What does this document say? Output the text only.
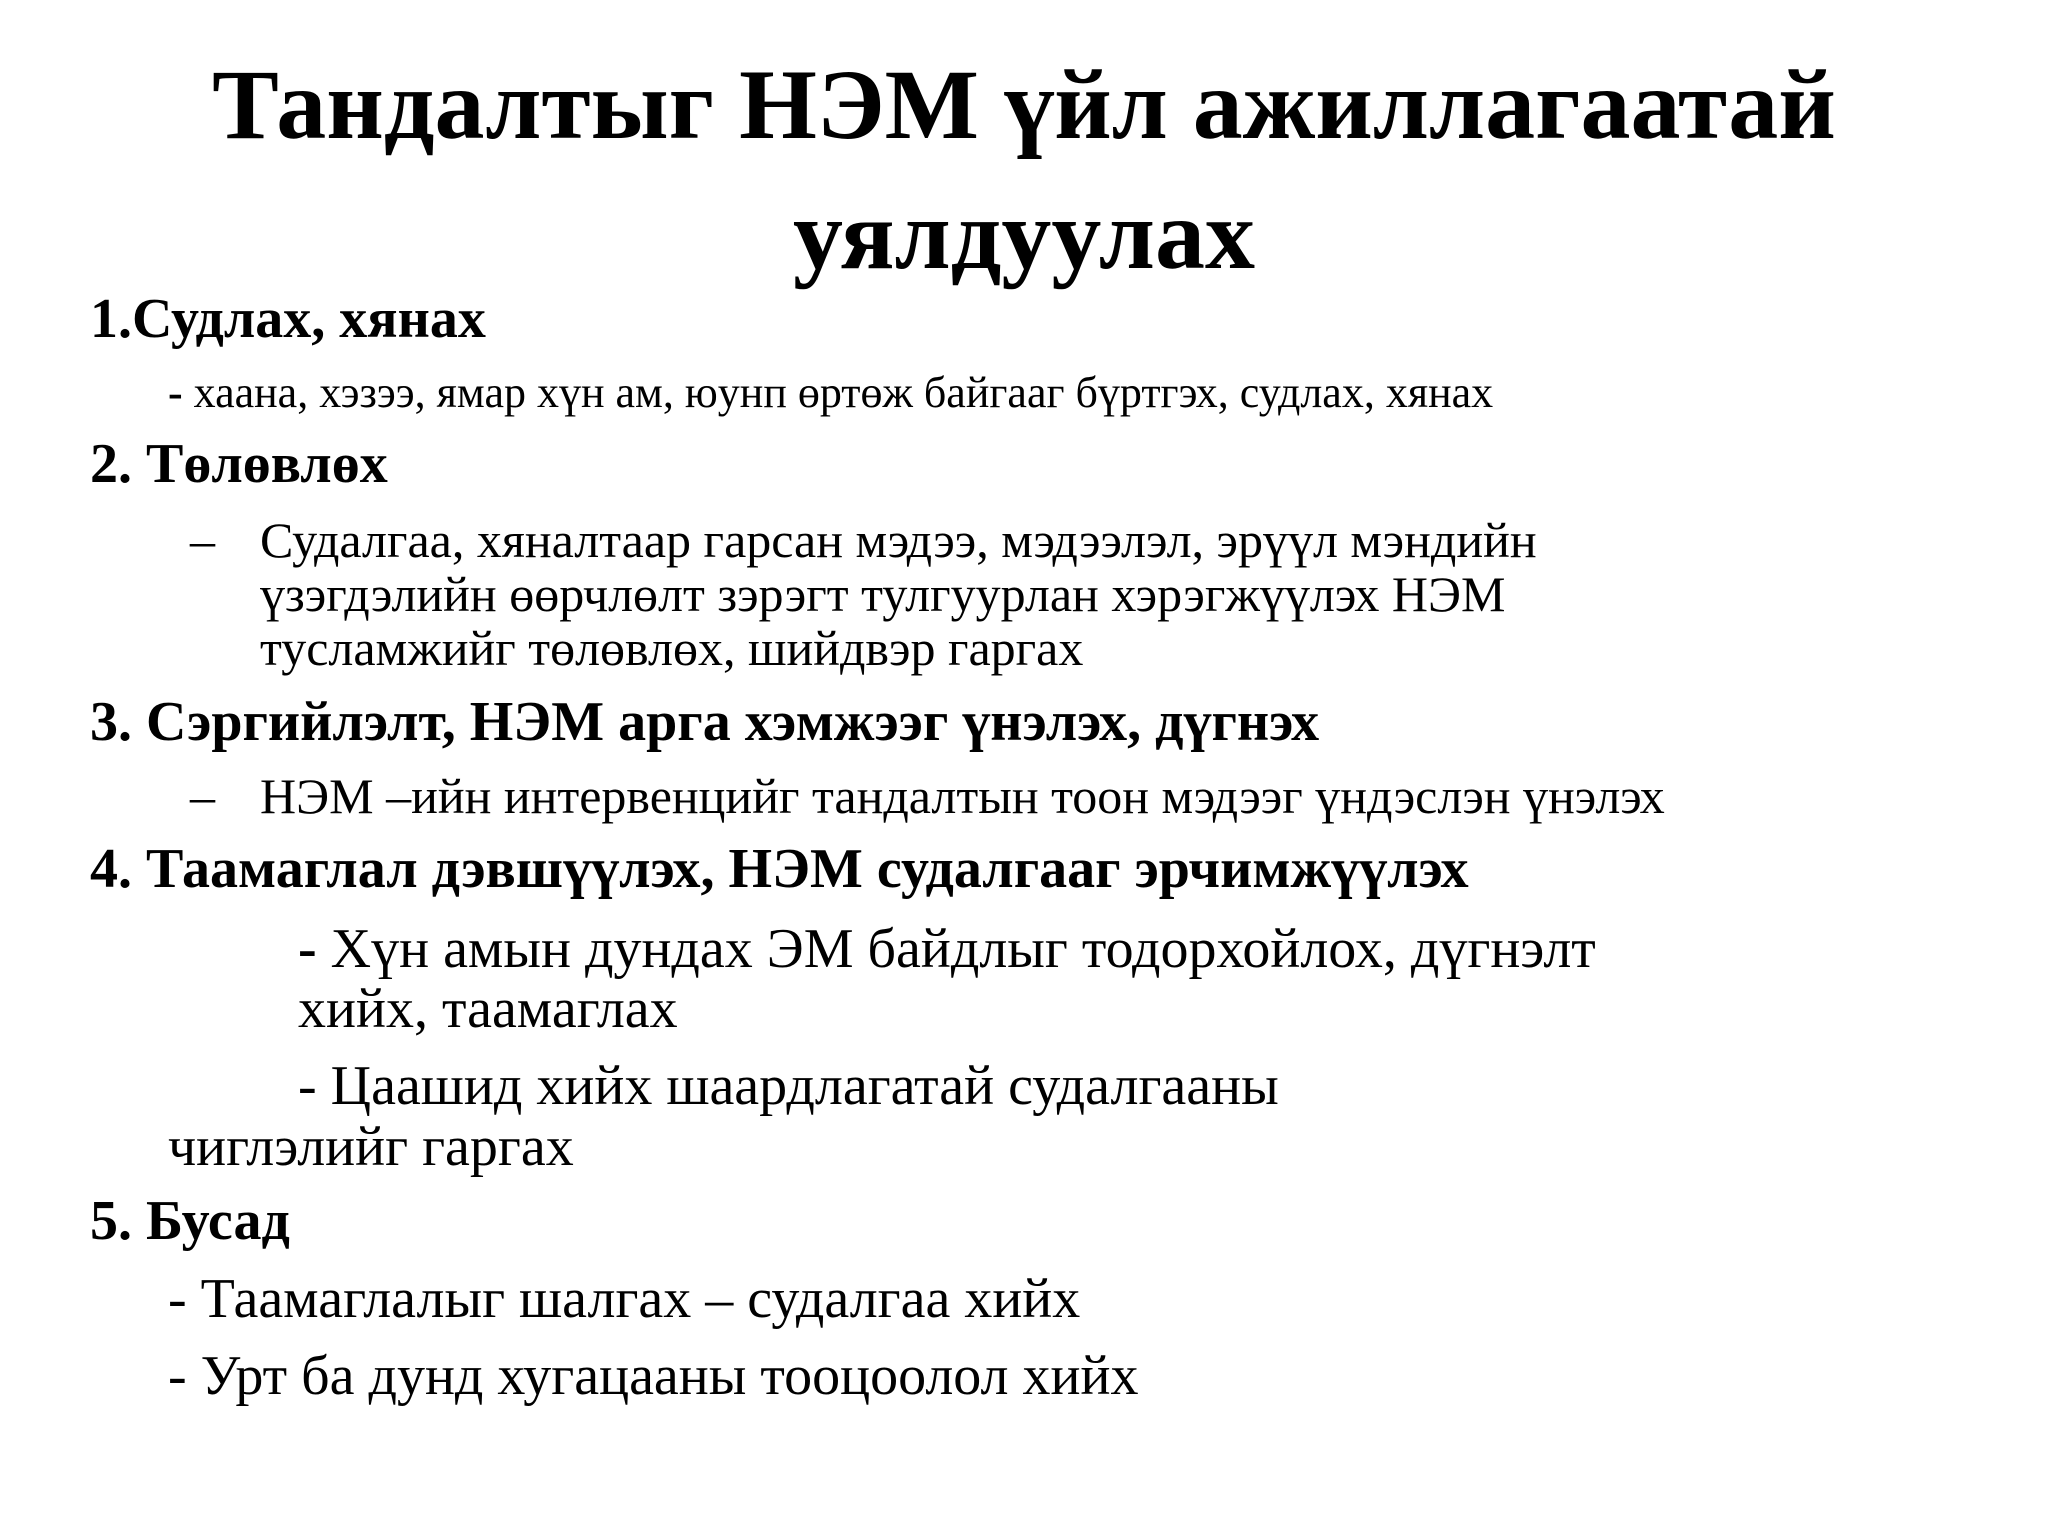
Тандалтыг НЭМ үйл ажиллагаатай
уялдуулах

1.Судлах, хянах

- хаана, хэзээ, ямар хүн ам, юунп өртөж байгааг бүртгэх, судлах, хянах

2. Төлөвлөх

– Судалгаа, хяналтаар гарсан мэдээ, мэдээлэл, эрүүл мэндийн

үзэгдэлийн өөрчлөлт зэрэгт тулгуурлан хэрэгжүүлэх НЭМ

тусламжийг төлөвлөх, шийдвэр гаргах

3. Сэргийлэлт, НЭМ арга хэмжээг үнэлэх, дүгнэх

– НЭМ –ийн интервенцийг тандалтын тоон мэдээг үндэслэн үнэлэх

4. Таамаглал дэвшүүлэх, НЭМ судалгааг эрчимжүүлэх

- Хүн амын дундах ЭМ байдлыг тодорхойлох, дүгнэлт

хийх, таамаглах

- Цаашид хийх шаардлагатай судалгааны

чиглэлийг гаргах

5. Бусад

- Таамаглалыг шалгах – судалгаа хийх

- Урт ба дунд хугацааны тооцоолол хийх
